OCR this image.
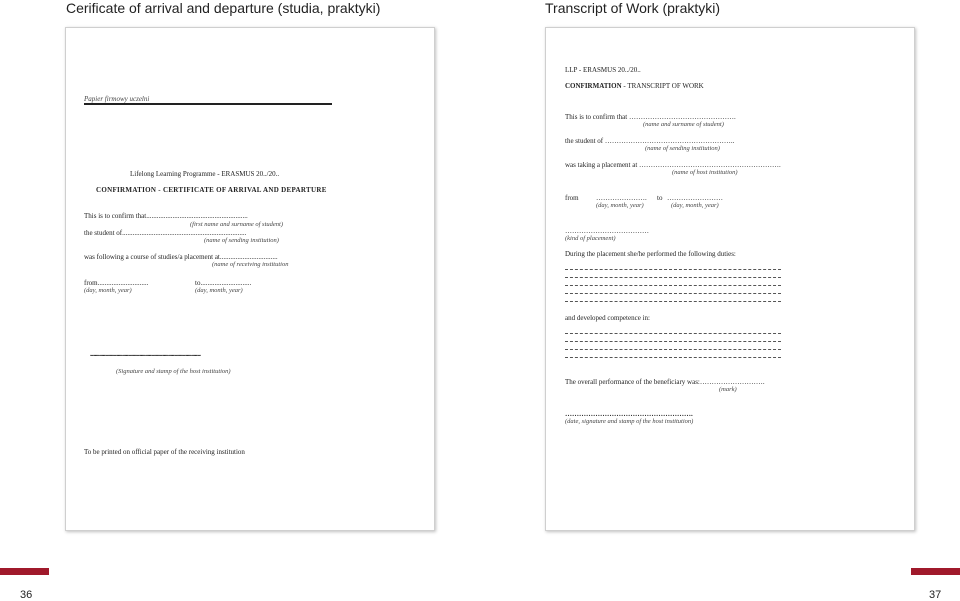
Cerificate of arrival and departure (studia, praktyki)	Transcript of Work (praktyki)
Papier firmowy uczelni
Lifelong Learning Programme - ERASMUS 20../20..
CONFIRMATION - CERTIFICATE OF ARRIVAL AND DEPARTURE
This is to confirm that..........................................................
(first name and surname of student)
the student of.......................................................................
(name of sending institution)
was following a course of studies/a placement at.................................
(name of receiving institution
from.............................
(day, month, year)
to.............................
(day, month, year)
................................................................................................
(Signature and stamp of the host institution)
To be printed on official paper of the receiving institution
LLP - ERASMUS 20../20..
CONFIRMATION - TRANSCRIPT OF WORK
This is to confirm that ……………………………………….
(name and surname of student)
the student of ………………………………………………..
(name of sending institution)
was taking a placement at …………………………………………………….
(name of host institution)
from ………………….
(day, month, year)
to ……………………
(day, month, year)
………………………………
(kind of placement)
During the placement she/he performed the following duties:
and developed competence in:
The overall performance of the beneficiary was:……………………….
(mark)
……………………………………………….
(date, signature and stamp of the host institution)
36	37
